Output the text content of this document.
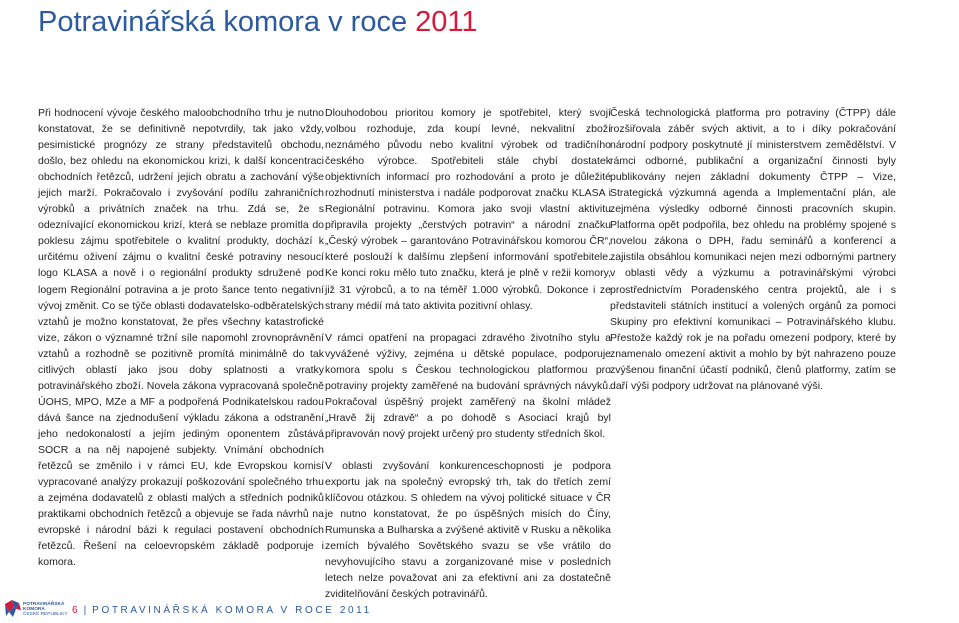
Potravinářská komora v roce 2011

Při hodnocení vývoje českého maloobchodního trhu je nutno konstatovat, že se definitivně nepotvrdily, tak jako vždy, pesimistické prognózy ze strany představitelů obchodu, došlo, bez ohledu na ekonomickou krizi, k další koncentraci obchodních řetězců, udržení jejich obratu a zachování výše jejich marží. Pokračovalo i zvyšování podílu zahraničních výrobků a privátních značek na trhu. Zdá se, že s odeznívající ekonomickou krizí, která se neblaze promítla do poklesu zájmu spotřebitele o kvalitní produkty, dochází k určitému oživení zájmu o kvalitní české potraviny nesoucí logo KLASA a nově i o regionální produkty sdružené pod logem Regionální potravina a je proto šance tento negativní vývoj změnit. Co se týče oblasti dodavatelsko-odběratelských vztahů je možno konstatovat, že přes všechny katastrofické vize, zákon o významné tržní síle napomohl zrovnoprávnění vztahů a rozhodně se pozitivně promítá minimálně do tak citlivých oblastí jako jsou doby splatnosti a vratky potravinářského zboží. Novela zákona vypracovaná společně ÚOHS, MPO, MZe a MF a podpořená Podnikatelskou radou dává šance na zjednodušení výkladu zákona a odstranění jeho nedokonalostí a jejím jediným oponentem zůstává SOCR a na něj napojené subjekty. Vnímání obchodních řetězců se změnilo i v rámci EU, kde Evropskou komisí vypracované analýzy prokazují poškozování společného trhu a zejména dodavatelů z oblasti malých a středních podniků praktikami obchodních řetězců a objevuje se řada návrhů na evropské i národní bázi k regulaci postavení obchodních řetězců. Řešení na celoevropském základě podporuje i komora.

Dlouhodobou prioritou komory je spotřebitel, který svojí volbou rozhoduje, zda koupí levné, nekvalitní zboží neznámého původu nebo kvalitní výrobek od tradičního českého výrobce. Spotřebiteli stále chybí dostatek objektivních informací pro rozhodování a proto je důležité rozhodnutí ministerstva i nadále podporovat značku KLASA i Regionální potravinu. Komora jako svoji vlastní aktivitu připravila projekty „čerstvých potravin“ a národní značku „Český výrobek – garantováno Potravinářskou komorou ČR“, které poslouží k dalšímu zlepšení informování spotřebitele. Ke konci roku mělo tuto značku, která je plně v režii komory, již 31 výrobců, a to na téměř 1.000 výrobků. Dokonce i ze strany médií má tato aktivita pozitivní ohlasy.

V rámci opatření na propagaci zdravého životního stylu a vyvážené výživy, zejména u dětské populace, podporuje komora spolu s Českou technologickou platformou pro potraviny projekty zaměřené na budování správných návyků. Pokračoval úspěšný projekt zaměřený na školní mládež „Hravě žij zdravě“ a po dohodě s Asociací krajů byl připravován nový projekt určený pro studenty středních škol.

V oblasti zvyšování konkurenceschopnosti je podpora exportu jak na společný evropský trh, tak do třetích zemí klíčovou otázkou. S ohledem na vývoj politické situace v ČR je nutno konstatovat, že po úspěšných misích do Číny, Rumunska a Bulharska a zvýšené aktivitě v Rusku a několika zemích bývalého Sovětského svazu se vše vrátilo do nevyhovujícího stavu a zorganizované mise v posledních letech nelze považovat ani za efektivní ani za dostatečně zviditelňování českých potravinářů.

Česká technologická platforma pro potraviny (ČTPP) dále rozšiřovala záběr svých aktivit, a to i díky pokračování národní podpory poskytnuté jí ministerstvem zemědělství. V rámci odborné, publikační a organizační činnosti byly publikovány nejen základní dokumenty ČTPP – Vize, Strategická výzkumná agenda a Implementační plán, ale zejména výsledky odborné činnosti pracovních skupin. Platforma opět podpořila, bez ohledu na problémy spojené s novelou zákona o DPH, řadu seminářů a konferencí a zajistila obsáhlou komunikaci nejen mezi odbornými partnery v oblasti vědy a výzkumu a potravinářskými výrobci prostřednictvím Poradenského centra projektů, ale i s představiteli státních institucí a volených orgánů za pomoci Skupiny pro efektivní komunikaci – Potravinářského klubu. Přestože každý rok je na pořadu omezení podpory, které by znamenalo omezení aktivit a mohlo by být nahrazeno pouze zvýšenou finanční účastí podniků, členů platformy, zatím se daří výši podpory udržovat na plánované výši.

POTRAVINÁŘSKÁ
KOMORA
ČESKÉ REPUBLIKY 6 | POTRAVINÁŘSKÁ KOMORA V ROCE 2011
